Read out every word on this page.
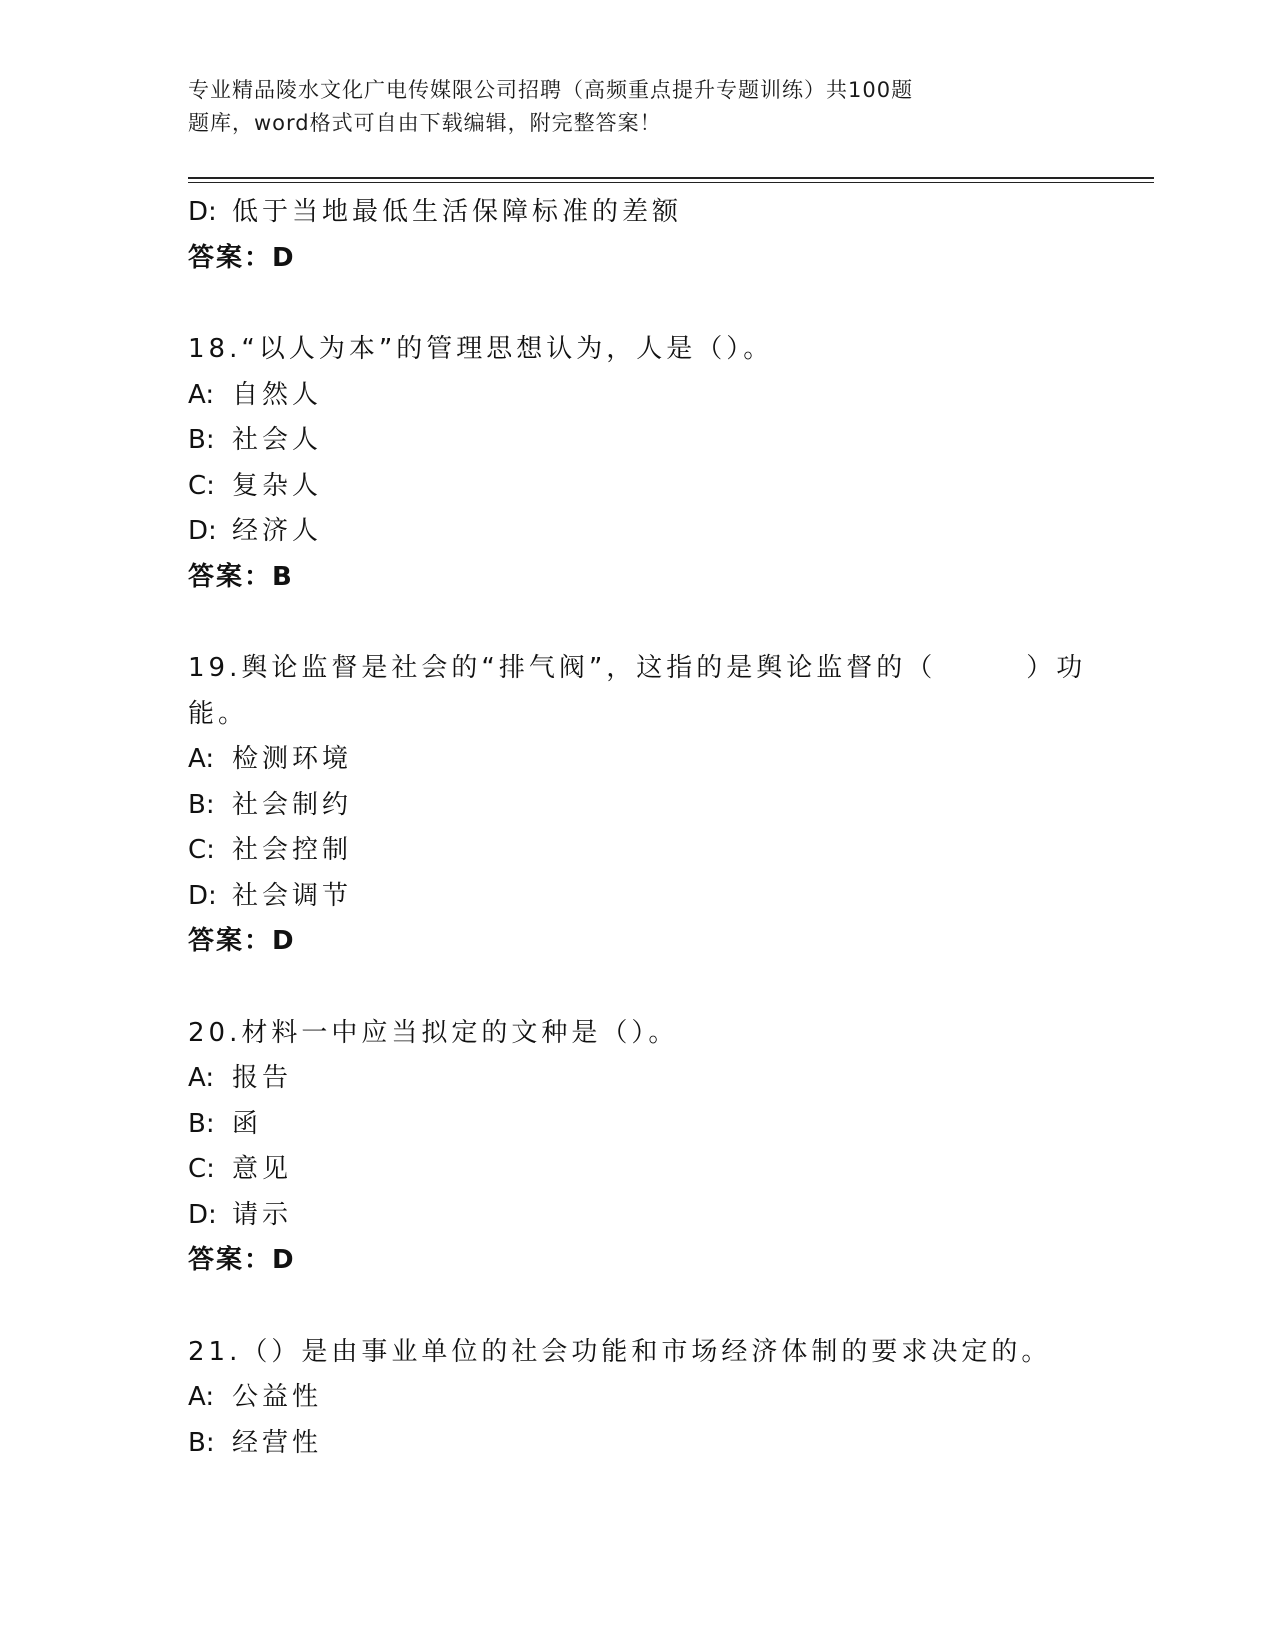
专业精品陵水文化广电传媒限公司招聘（高频重点提升专题训练）共100题
题库，word格式可自由下载编辑，附完整答案！
D: 低于当地最低生活保障标准的差额
答案：D
18.“以人为本”的管理思想认为，人是（）。
A: 自然人
B: 社会人
C: 复杂人
D: 经济人
答案：B
19.舆论监督是社会的“排气阀”，这指的是舆论监督的（　　　）功
能。
A: 检测环境
B: 社会制约
C: 社会控制
D: 社会调节
答案：D
20.材料一中应当拟定的文种是（）。
A: 报告
B: 函
C: 意见
D: 请示
答案：D
21.（）是由事业单位的社会功能和市场经济体制的要求决定的。
A: 公益性
B: 经营性
